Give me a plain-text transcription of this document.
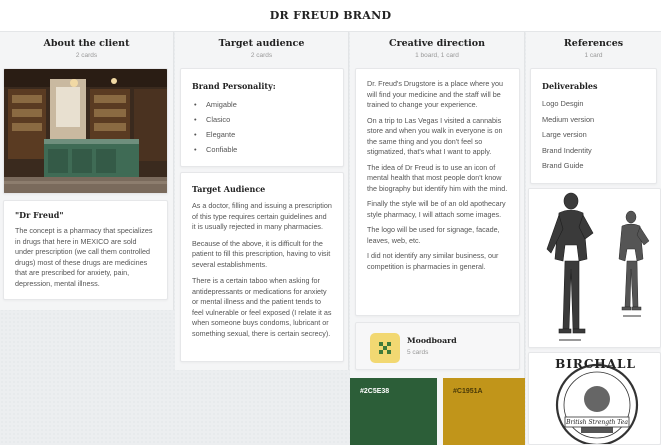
DR FREUD BRAND
About the client
2 cards
"Dr Freud"

The concept is a pharmacy that specializes in drugs that here in MEXICO are sold under prescription (we call them controlled drugs) most of these drugs are medicines that are prescribed for anxiety, pain, depression, mental illness.

Target audience
2 cards
Brand Personality:
• Amigable
• Clasico
• Elegante
• Confiable
Target Audience

As a doctor, filling and issuing a prescription of this type requires certain guidelines and it is usually rejected in many pharmacies.

Because of the above, it is difficult for the patient to fill this prescription, having to visit several establishments.

There is a certain taboo when asking for antidepressants or medications for anxiety or mental illness and the patient tends to feel vulnerable or feel exposed (I relate it as when someone buys condoms, lubricant or something sexual, there is certain secrecy).

Creative direction
1 board, 1 card

Dr. Freud's Drugstore is a place where you will find your medicine and the staff will be trained to change your experience.

On a trip to Las Vegas I visited a cannabis store and when you walk in everyone is on the same thing and you don't feel so stigmatized, that's what I want to apply.

The idea of Dr Freud is to use an icon of mental health that most people don't know the biography but identify him with the mind.

Finally the style will be of an old apothecary style pharmacy, I will attach some images.

The logo will be used for signage, facade, leaves, web, etc.

I did not identify any similar business, our competition is pharmacies in general.

Moodboard
5 cards
#2C5E38	#C1951A
References
1 card
Deliverables
Logo Desgin
Medium version
Large version
Brand Indentity
Brand Guide
BIRCHALL
British Strength Tea
